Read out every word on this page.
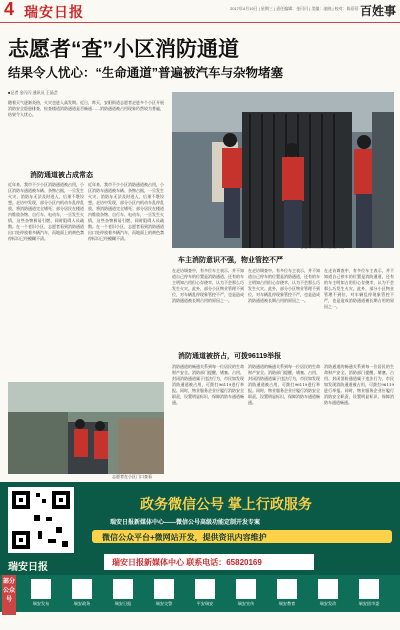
4 瑞安日报	2017年4月19日 | 星期三 | 责任编辑：金闪闪 | 美编：池晓 | 校对：陈蓓蓓 百姓事
志愿者“查”小区消防通道
结果令人忧心：“生命通道”普遍被汽车与杂物堵塞
■记者 金闪闪 通讯员 王晶芸
随着天气逐渐炎热，火灾也进入高发期。近日，昨天，安阳街道志愿者走进多个小区开展消防安全隐患排查，检查楼道消防通道是否畅通……消防通道被占用现象仍然较为普遍，结果令人忧心。
消防通道被占成常态
近年来，我市不少小区消防通道被占用，小区消防车通道被车辆、杂物占据，一旦发生火灾，消防车无法及时进入，后果不堪设想。走访中发现，部分小区内机动车乱停乱放，将消防通道完全堵死；部分居民在楼道内堆放杂物、自行车、电动车，一旦发生火情，这些杂物极易引燃，同时阻碍人员疏散。在一个老旧小区，志愿者看到消防通道出口处停放着多辆汽车，而地面上的黄色禁停标识已经模糊不清。
近年来，我市不少小区消防通道被占用，小区消防车通道被车辆、杂物占据，一旦发生火灾，消防车无法及时进入，后果不堪设想。走访中发现，部分小区内机动车乱停乱放，将消防通道完全堵死；部分居民在楼道内堆放杂物、自行车、电动车，一旦发生火情，这些杂物极易引燃，同时阻碍人员疏散。在一个老旧小区，志愿者看到消防通道出口处停放着多辆汽车，而地面上的黄色禁停标识已经模糊不清。
志愿者检查消防通道情况
车主消防意识不强，物业管控不严
在走访调查中，有多位车主表示，并不知道自己停车的位置是消防通道，还有的车主明知占用但心存侥幸，认为不会那么巧发生火灾。此外，部分小区物业管理不到位，对车辆乱停现象管控不严，也是造成消防通道被长期占用的原因之一。
在走访调查中，有多位车主表示，并不知道自己停车的位置是消防通道，还有的车主明知占用但心存侥幸，认为不会那么巧发生火灾。此外，部分小区物业管理不到位，对车辆乱停现象管控不严，也是造成消防通道被长期占用的原因之一。
在走访调查中，有多位车主表示，并不知道自己停车的位置是消防通道，还有的车主明知占用但心存侥幸，认为不会那么巧发生火灾。此外，部分小区物业管理不到位，对车辆乱停现象管控不严，也是造成消防通道被长期占用的原因之一。
消防通道被挤占，可拨96119举报
消防通道的畅通关系到每一位居民的生命财产安全。消防部门提醒，堵塞、占用、封闭消防通道属于违法行为，市民如发现消防通道被占用，可拨打96119进行举报。同时，物业服务企业应履行消防安全职责，设置明显标识，保障消防车通道畅通。
消防通道的畅通关系到每一位居民的生命财产安全。消防部门提醒，堵塞、占用、封闭消防通道属于违法行为，市民如发现消防通道被占用，可拨打96119进行举报。同时，物业服务企业应履行消防安全职责，设置明显标识，保障消防车通道畅通。
消防通道的畅通关系到每一位居民的生命财产安全。消防部门提醒，堵塞、占用、封闭消防通道属于违法行为，市民如发现消防通道被占用，可拨打96119进行举报。同时，物业服务企业应履行消防安全职责，设置明显标识，保障消防车通道畅通。
志愿者在小区门口查看
政务微信公号 掌上行政服务
瑞安日报新媒体中心——微信公号高级功能定制开发专案
微信公众平台+微网站开发，提供资讯内容维护
瑞安日报	瑞安日报新媒体中心 联系电话：65820169
部分公众号
瑞安发布	瑞安政务	瑞安日报	瑞安交警	平安瑞安	瑞安宣传	瑞安教育	瑞安发改	瑞安团市委
